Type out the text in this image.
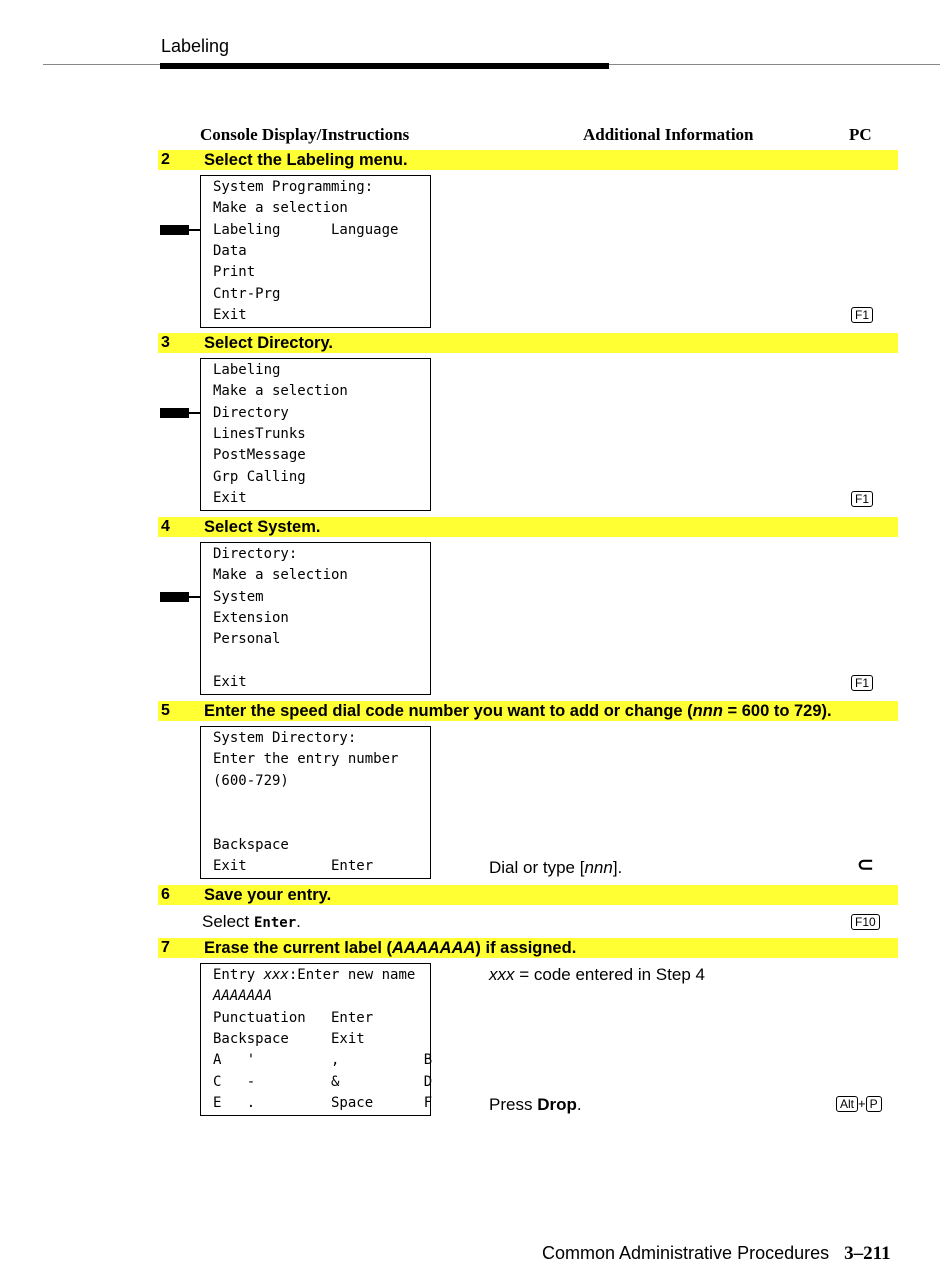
Labeling
Console Display/Instructions	Additional Information	PC
2 Select the Labeling menu.
System Programming:
Make a selection
Labeling      Language
Data
Print
Cntr-Prg
Exit	F1
3 Select Directory.
Labeling
Make a selection
Directory
LinesTrunks
PostMessage
Grp Calling
Exit	F1
4 Select System.
Directory:
Make a selection
System
Extension
Personal
Exit	F1
5 Enter the speed dial code number you want to add or change (nnn = 600 to 729).
System Directory:
Enter the entry number
(600-729)
Backspace
Exit          Enter	Dial or type [nnn].	⊂
6 Save your entry.
Select Enter.	F10
7 Erase the current label (AAAAAAA) if assigned.
Entry xxx:Enter new name
AAAAAAA
Punctuation   Enter
Backspace     Exit
A   '         ,          B
C   -         &          D
E   .         Space      F
xxx = code entered in Step 4
Press Drop.	Alt + P
Common Administrative Procedures 3–211
